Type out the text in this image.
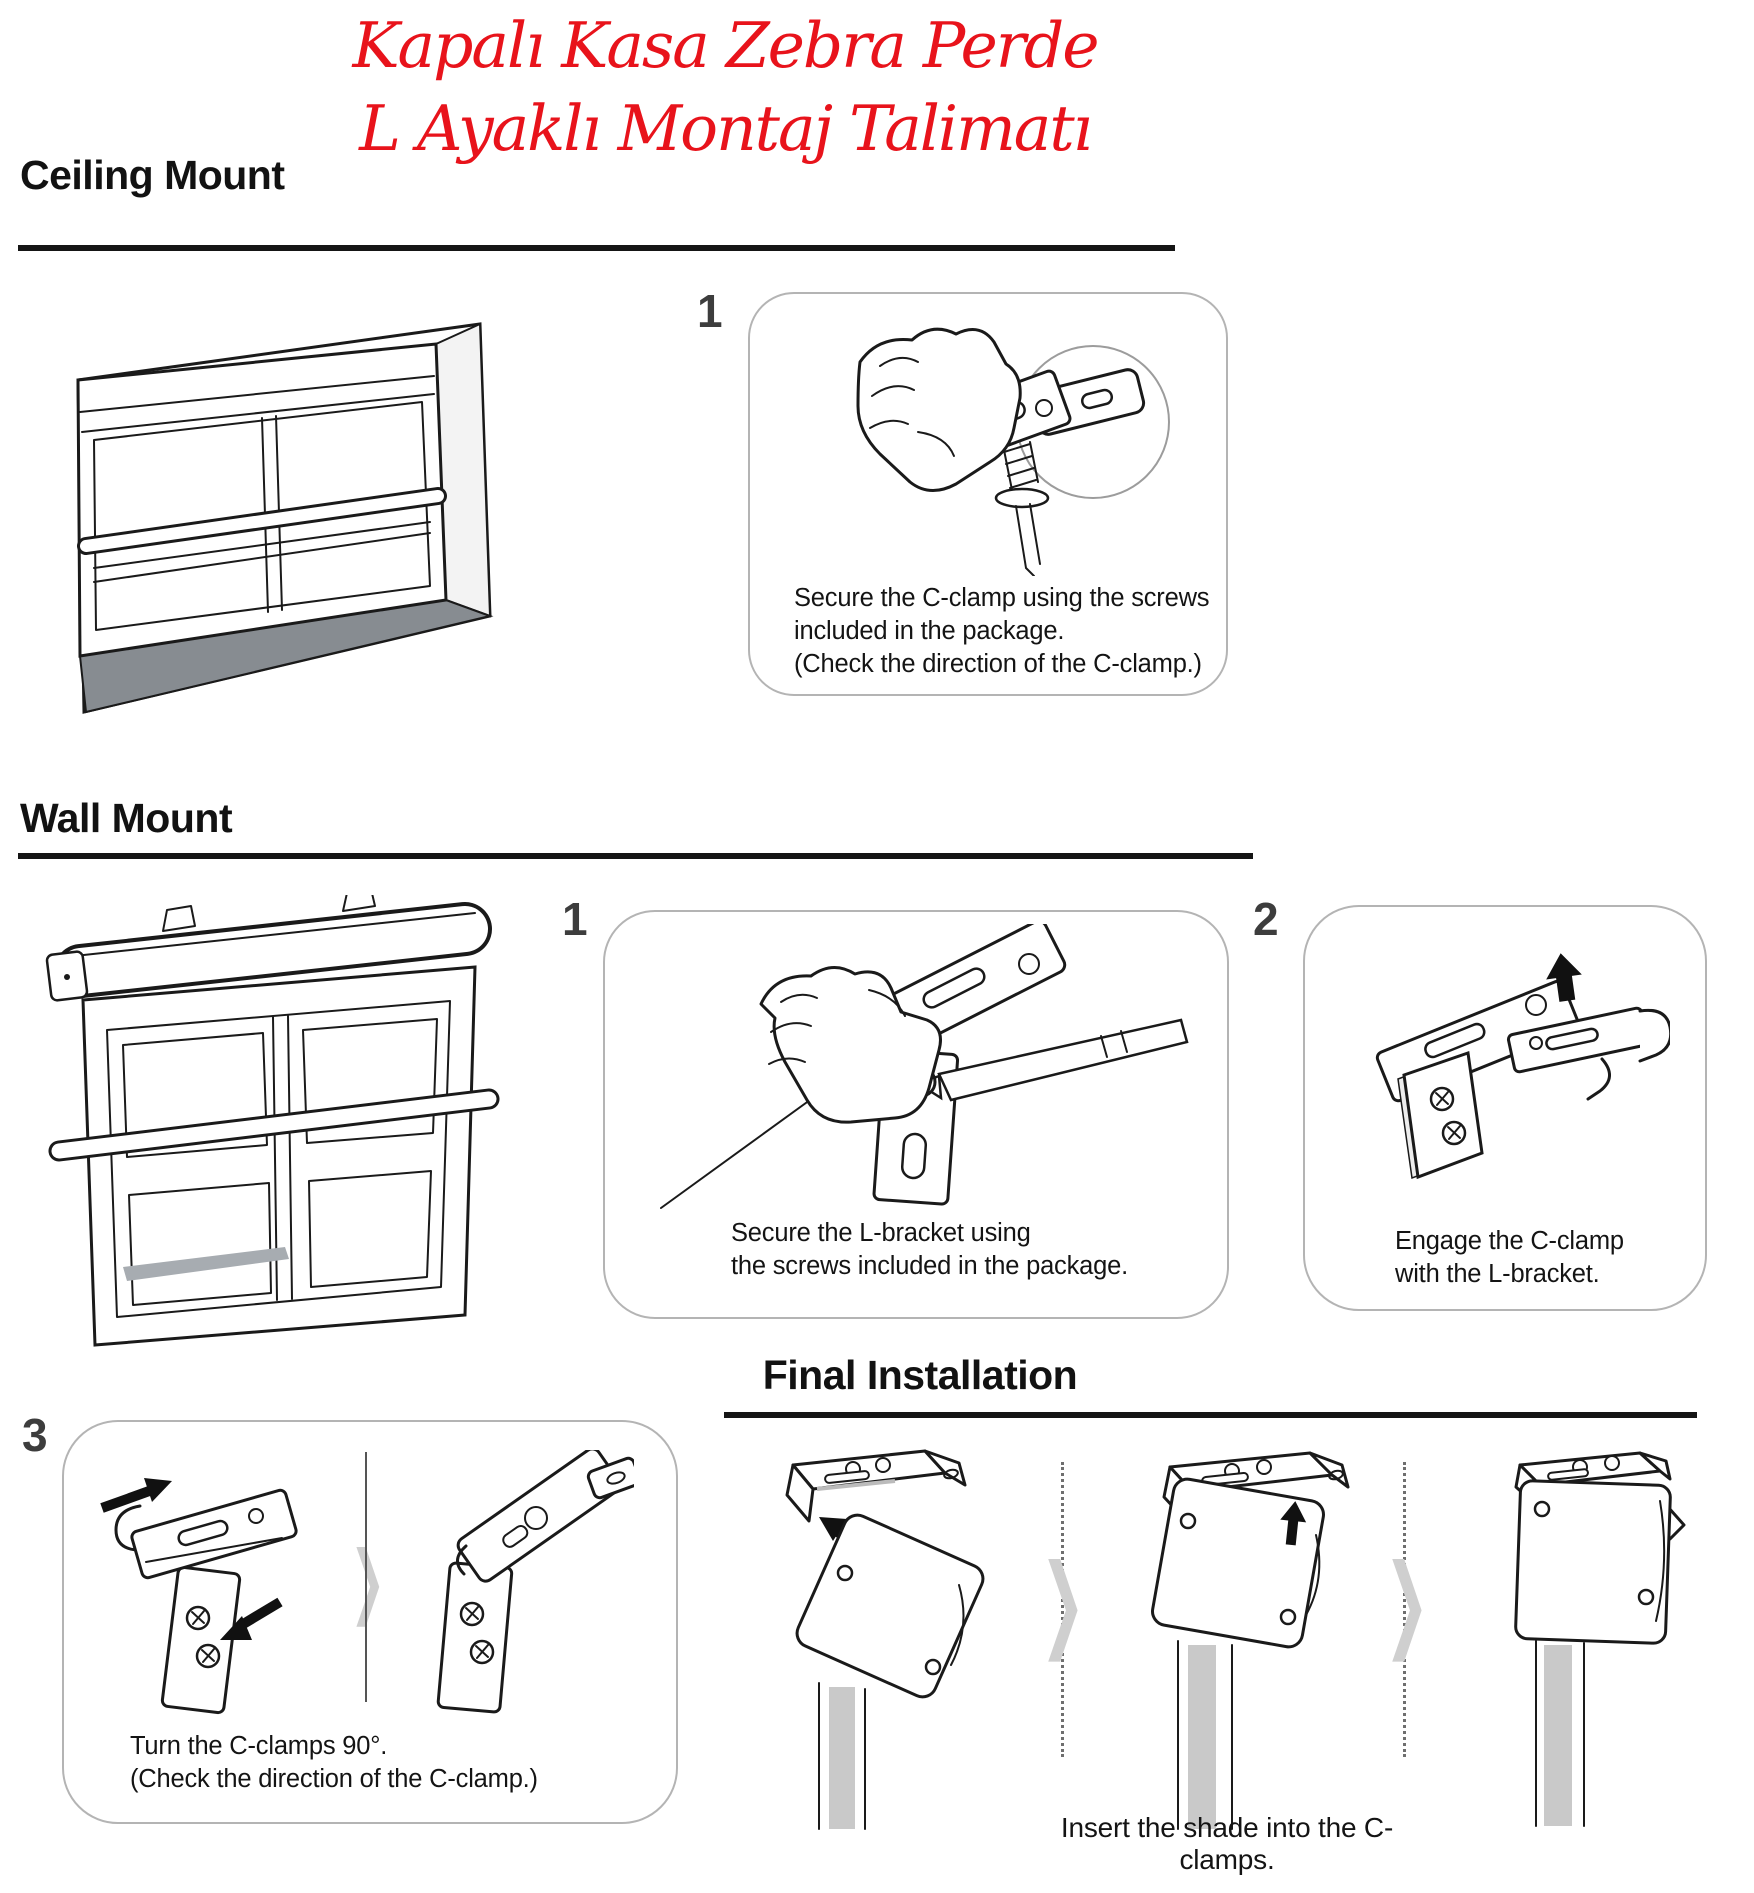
Kapalı Kasa Zebra Perde
L Ayaklı Montaj Talimatı
Ceiling Mount
1
Secure the C-clamp using the screws
included in the package.
(Check the direction of the C-clamp.)
Wall Mount
1
Secure the L-bracket using
the screws included in the package.
2
Engage the C-clamp
with the L-bracket.
Final Installation
3
❯
Turn the C-clamps 90°.
(Check the direction of the C-clamp.)
❯	❯
Insert the shade into the C-clamps.
